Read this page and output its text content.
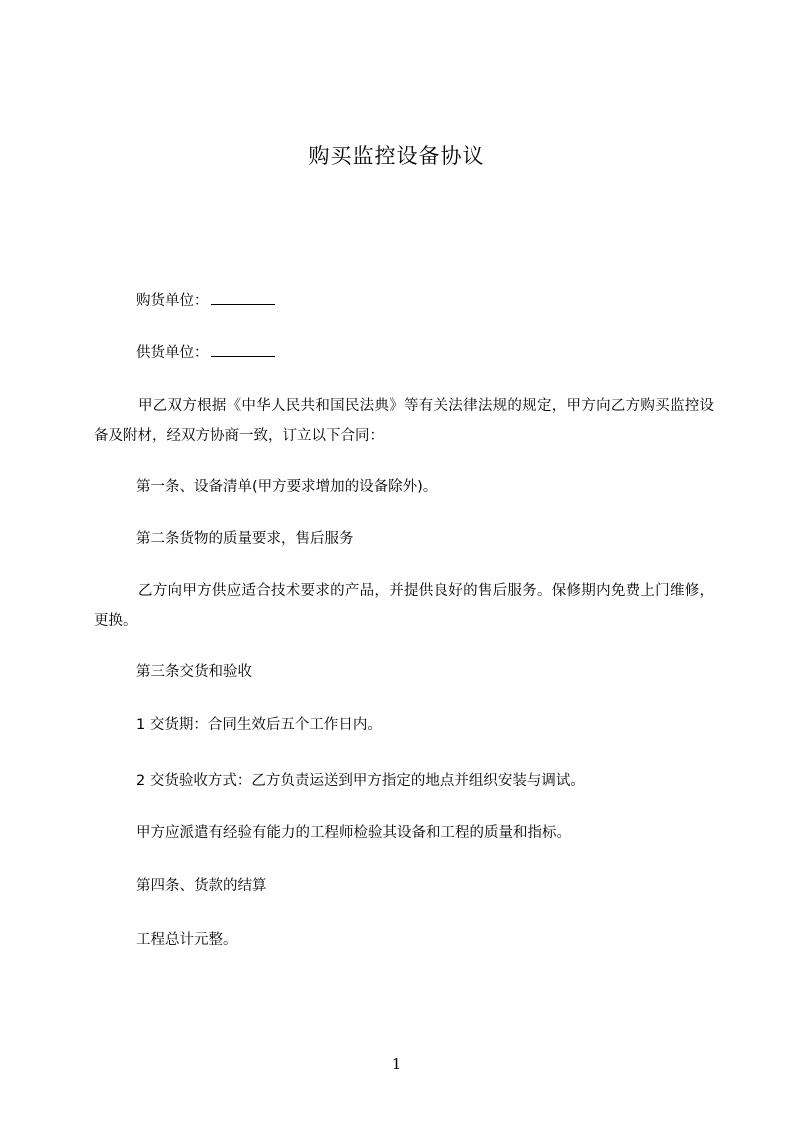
购买监控设备协议
购货单位：
供货单位：
甲乙双方根据《中华人民共和国民法典》等有关法律法规的规定，甲方向乙方购买监控设备及附材，经双方协商一致，订立以下合同：
第一条、设备清单(甲方要求增加的设备除外)。
第二条货物的质量要求，售后服务
乙方向甲方供应适合技术要求的产品，并提供良好的售后服务。保修期内免费上门维修，更换。
第三条交货和验收
1 交货期：合同生效后五个工作日内。
2 交货验收方式：乙方负责运送到甲方指定的地点并组织安装与调试。
甲方应派遣有经验有能力的工程师检验其设备和工程的质量和指标。
第四条、货款的结算
工程总计元整。
1
